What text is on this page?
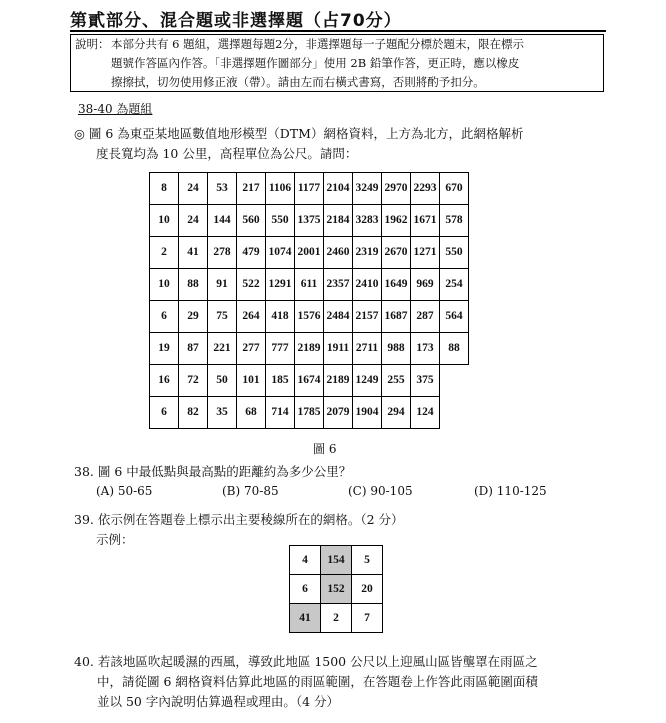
第貳部分、混合題或非選擇題（占70分）
說明： 本部分共有 6 題組，選擇題每題2分，非選擇題每一子題配分標於題末，限在標示
題號作答區內作答。「非選擇題作圖部分」使用 2B 鉛筆作答，更正時，應以橡皮
擦擦拭，切勿使用修正液（帶）。請由左而右橫式書寫，否則將酌予扣分。
38-40 為題組
◎ 圖 6 為東亞某地區數值地形模型（DTM）網格資料，上方為北方，此網格解析
度長寬均為 10 公里，高程單位為公尺。請問：
8	24	53	217	1106	1177	2104	3249	2970	2293	670
10	24	144	560	550	1375	2184	3283	1962	1671	578
2	41	278	479	1074	2001	2460	2319	2670	1271	550
10	88	91	522	1291	611	2357	2410	1649	969	254
6	29	75	264	418	1576	2484	2157	1687	287	564
19	87	221	277	777	2189	1911	2711	988	173	88
16	72	50	101	185	1674	2189	1249	255	375	
6	82	35	68	714	1785	2079	1904	294	124	
圖 6
38. 圖 6 中最低點與最高點的距離約為多少公里？
(A) 50-65	(B) 70-85	(C) 90-105	(D) 110-125
39. 依示例在答題卷上標示出主要稜線所在的網格。（2 分）
示例：
4	154	5
6	152	20
41	2	7
40. 若該地區吹起暖濕的西風，導致此地區 1500 公尺以上迎風山區皆壟罩在雨區之
中，請從圖 6 網格資料估算此地區的雨區範圍，在答題卷上作答此雨區範圍面積
並以 50 字內說明估算過程或理由。（4 分）
